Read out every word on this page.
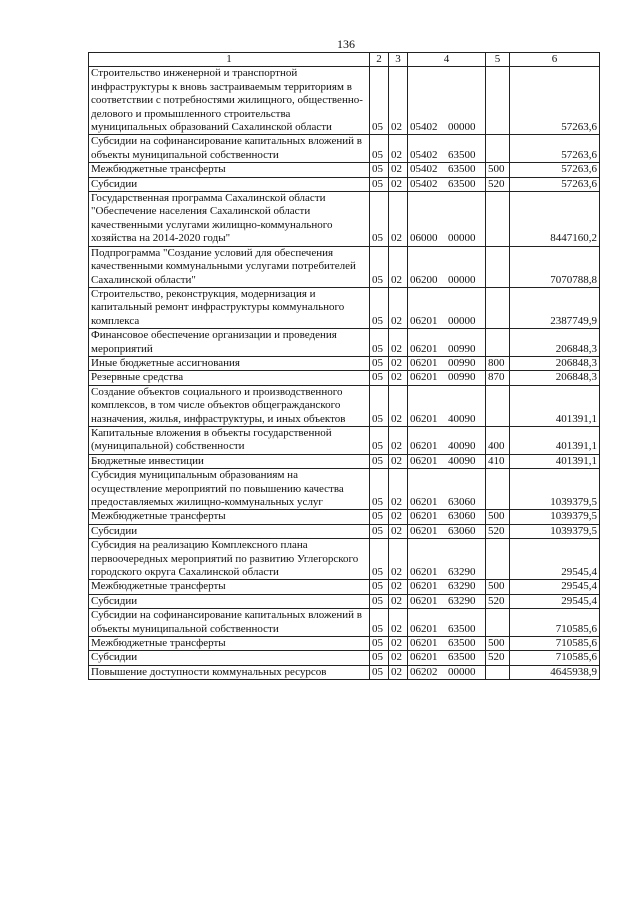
136
1	2	3	4	5	6
Строительство инженерной и транспортной инфраструктуры к вновь застраиваемым территориям в соответствии с потребностями жилищного, общественно-делового и промышленного строительства муниципальных образований Сахалинской области	05	02	05402 00000		57263,6
Субсидии на софинансирование капитальных вложений в объекты муниципальной собственности	05	02	05402 63500		57263,6
Межбюджетные трансферты	05	02	05402 63500	500	57263,6
Субсидии	05	02	05402 63500	520	57263,6
Государственная программа Сахалинской области "Обеспечение населения Сахалинской области качественными услугами жилищно-коммунального хозяйства на 2014-2020 годы"	05	02	06000 00000		8447160,2
Подпрограмма "Создание условий для обеспечения качественными коммунальными услугами потребителей Сахалинской области"	05	02	06200 00000		7070788,8
Строительство, реконструкция, модернизация и капитальный ремонт инфраструктуры коммунального комплекса	05	02	06201 00000		2387749,9
Финансовое обеспечение организации и проведения мероприятий	05	02	06201 00990		206848,3
Иные бюджетные ассигнования	05	02	06201 00990	800	206848,3
Резервные средства	05	02	06201 00990	870	206848,3
Создание объектов социального и производственного комплексов, в том числе объектов общегражданского назначения, жилья, инфраструктуры, и иных объектов	05	02	06201 40090		401391,1
Капитальные вложения в объекты государственной (муниципальной) собственности	05	02	06201 40090	400	401391,1
Бюджетные инвестиции	05	02	06201 40090	410	401391,1
Субсидия муниципальным образованиям на осуществление мероприятий по повышению качества предоставляемых жилищно-коммунальных услуг	05	02	06201 63060		1039379,5
Межбюджетные трансферты	05	02	06201 63060	500	1039379,5
Субсидии	05	02	06201 63060	520	1039379,5
Субсидия на реализацию Комплексного плана первоочередных мероприятий по развитию Углегорского городского округа Сахалинской области	05	02	06201 63290		29545,4
Межбюджетные трансферты	05	02	06201 63290	500	29545,4
Субсидии	05	02	06201 63290	520	29545,4
Субсидии на софинансирование капитальных вложений в объекты муниципальной собственности	05	02	06201 63500		710585,6
Межбюджетные трансферты	05	02	06201 63500	500	710585,6
Субсидии	05	02	06201 63500	520	710585,6
Повышение доступности коммунальных ресурсов	05	02	06202 00000		4645938,9
